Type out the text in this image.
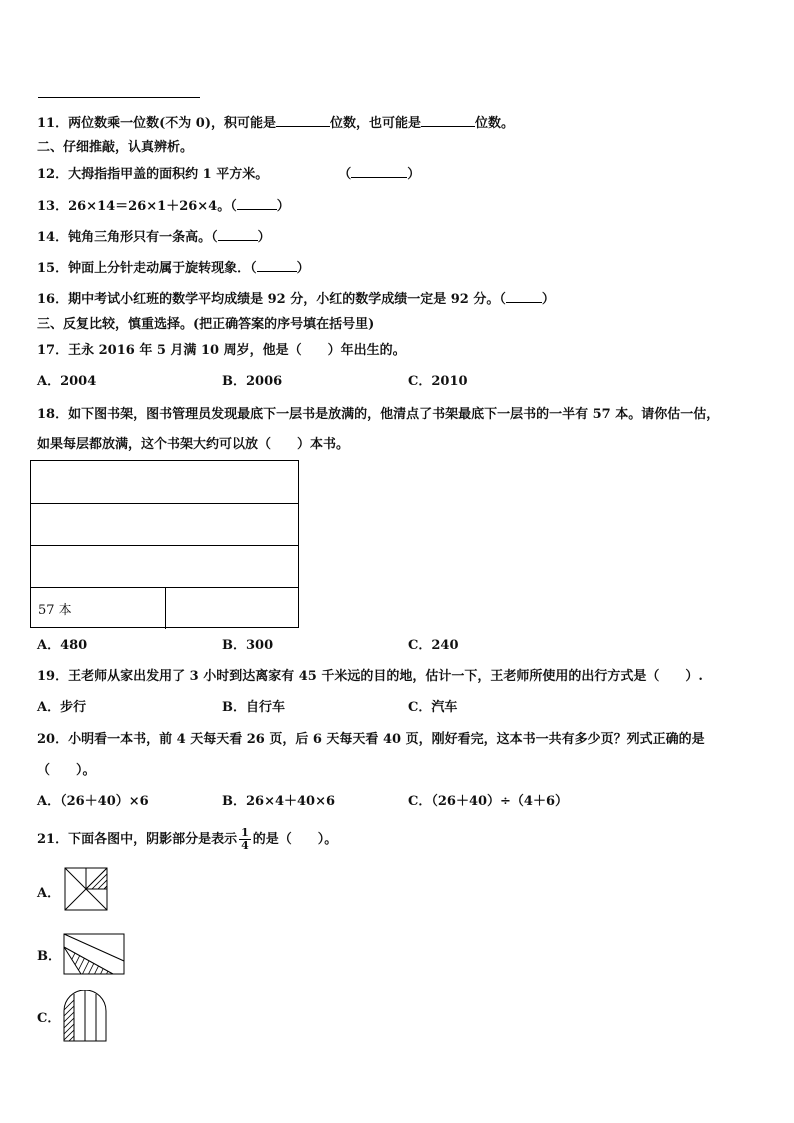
11．两位数乘一位数(不为 0)，积可能是	位数，也可能是	位数。
二、仔细推敲，认真辨析。
12．大拇指指甲盖的面积约 1 平方米。	（	）
13．26×14＝26×1＋26×4。（	）
14．钝角三角形只有一条高。（	）
15．钟面上分针走动属于旋转现象．（	）
16．期中考试小红班的数学平均成绩是 92 分，小红的数学成绩一定是 92 分。（	）
三、反复比较，慎重选择。(把正确答案的序号填在括号里)
17．王永 2016 年 5 月满 10 周岁，他是（　　）年出生的。
A．2004	B．2006	C．2010
18．如下图书架，图书管理员发现最底下一层书是放满的，他清点了书架最底下一层书的一半有 57 本。请你估一估，
如果每层都放满，这个书架大约可以放（　　）本书。
57 本
A．480	B．300	C．240
19．王老师从家出发用了 3 小时到达离家有 45 千米远的目的地，估计一下，王老师所使用的出行方式是（　　）.
A．步行	B．自行车	C．汽车
20．小明看一本书，前 4 天每天看 26 页，后 6 天每天看 40 页，刚好看完，这本书一共有多少页？列式正确的是
（　　）。
A．（26＋40）×6	B．26×4＋40×6	C．（26＋40）÷（4＋6）
21．下面各图中，阴影部分是表示 $\frac{1}{4}$ 的是（　　）。
A．
B．
C．
